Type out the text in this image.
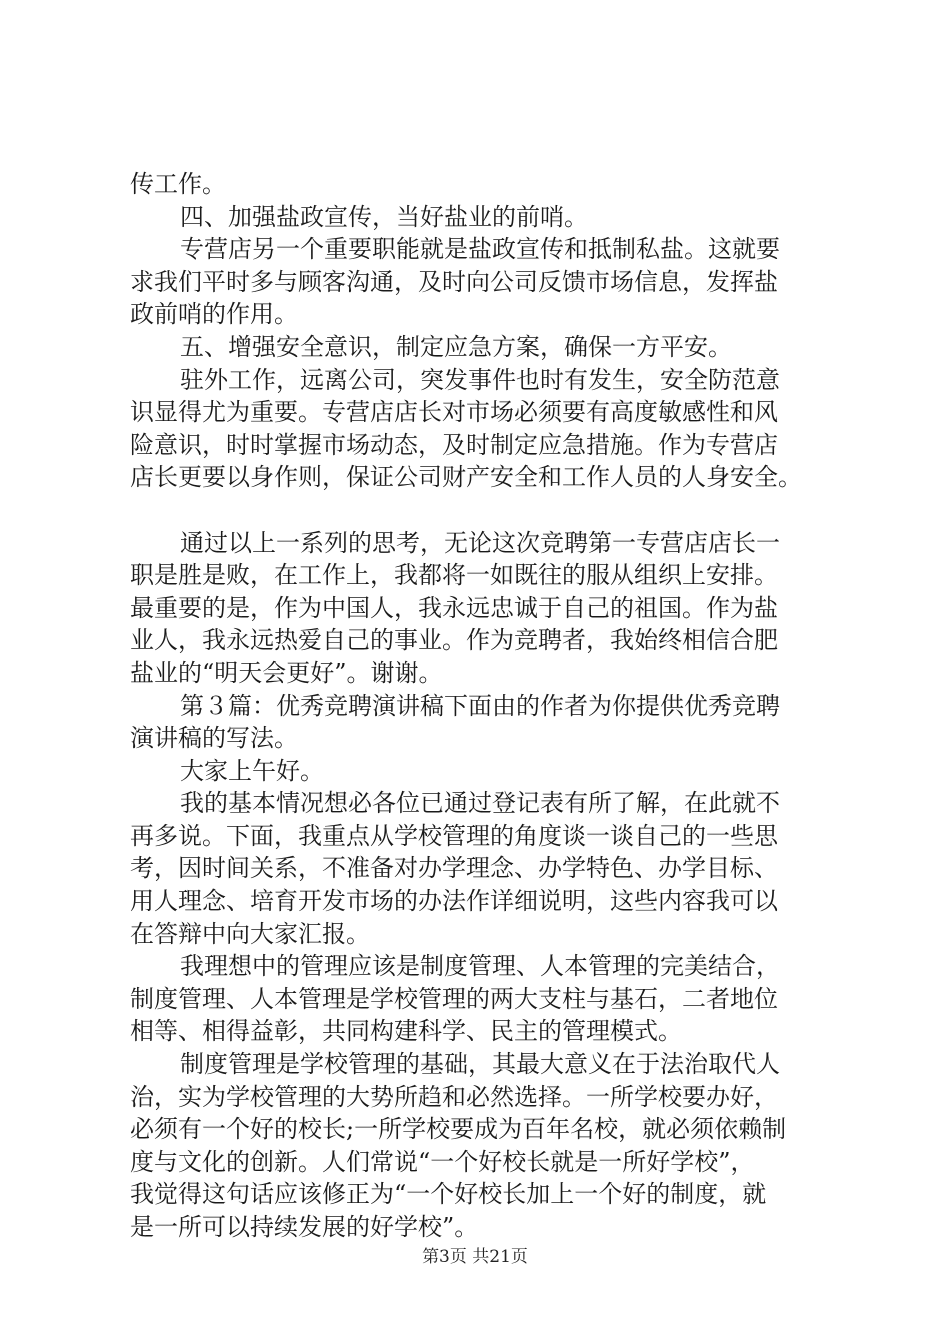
传工作。
四、加强盐政宣传，当好盐业的前哨。
专营店另一个重要职能就是盐政宣传和抵制私盐。这就要
求我们平时多与顾客沟通，及时向公司反馈市场信息，发挥盐
政前哨的作用。
五、增强安全意识，制定应急方案，确保一方平安。
驻外工作，远离公司，突发事件也时有发生，安全防范意
识显得尤为重要。专营店店长对市场必须要有高度敏感性和风
险意识，时时掌握市场动态，及时制定应急措施。作为专营店
店长更要以身作则，保证公司财产安全和工作人员的人身安全。
通过以上一系列的思考，无论这次竞聘第一专营店店长一
职是胜是败，在工作上，我都将一如既往的服从组织上安排。
最重要的是，作为中国人，我永远忠诚于自己的祖国。作为盐
业人，我永远热爱自己的事业。作为竞聘者，我始终相信合肥
盐业的“明天会更好”。谢谢。
第３篇：优秀竞聘演讲稿下面由的作者为你提供优秀竞聘
演讲稿的写法。
大家上午好。
我的基本情况想必各位已通过登记表有所了解，在此就不
再多说。下面，我重点从学校管理的角度谈一谈自己的一些思
考，因时间关系，不准备对办学理念、办学特色、办学目标、
用人理念、培育开发市场的办法作详细说明，这些内容我可以
在答辩中向大家汇报。
我理想中的管理应该是制度管理、人本管理的完美结合，
制度管理、人本管理是学校管理的两大支柱与基石，二者地位
相等、相得益彰，共同构建科学、民主的管理模式。
制度管理是学校管理的基础，其最大意义在于法治取代人
治，实为学校管理的大势所趋和必然选择。一所学校要办好，
必须有一个好的校长;一所学校要成为百年名校，就必须依赖制
度与文化的创新。人们常说“一个好校长就是一所好学校”，
我觉得这句话应该修正为“一个好校长加上一个好的制度，就
是一所可以持续发展的好学校”。
第3页 共21页
